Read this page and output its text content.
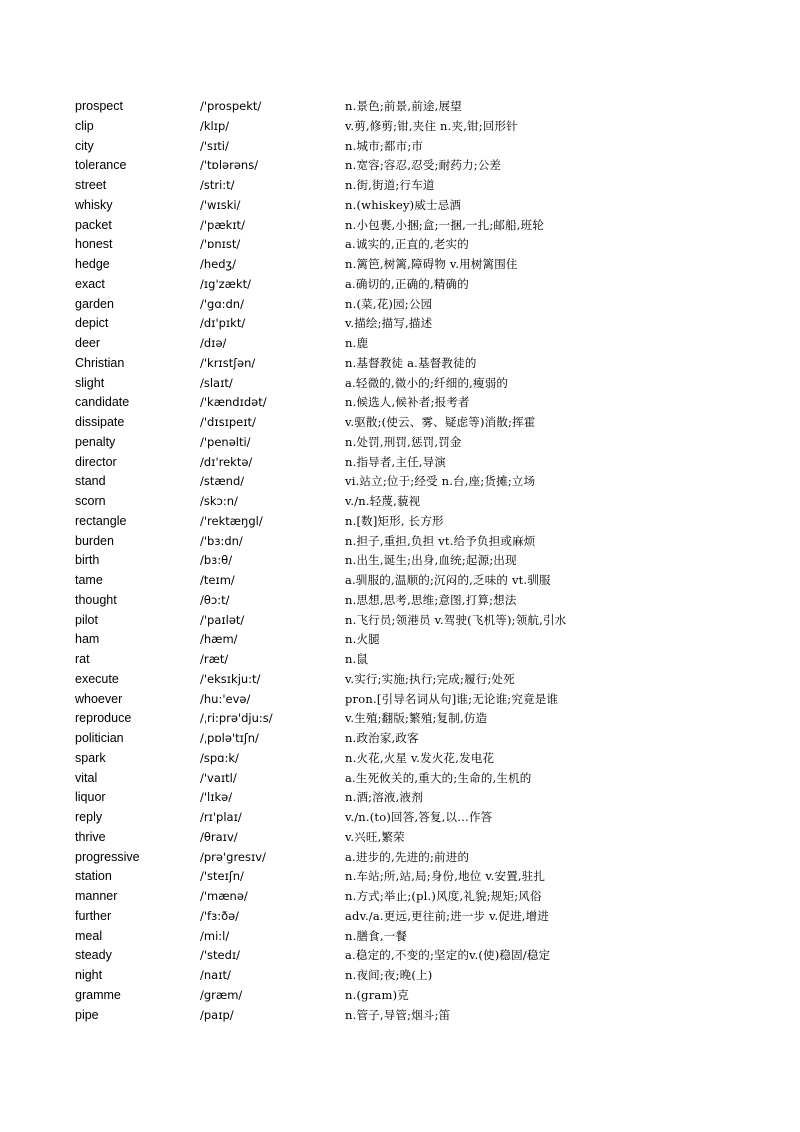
prospect	/'prospekt/	n.景色;前景,前途,展望
clip	/klɪp/	v.剪,修剪;钳,夹住 n.夹,钳;回形针
city	/'sɪti/	n.城市;都市;市
tolerance	/'tɒlərəns/	n.宽容;容忍,忍受;耐药力;公差
street	/stri:t/	n.街,街道;行车道
whisky	/'wɪski/	n.(whiskey)威士忌酒
packet	/'pækɪt/	n.小包裹,小捆;盒;一捆,一扎;邮船,班轮
honest	/'ɒnɪst/	a.诚实的,正直的,老实的
hedge	/hedʒ/	n.篱笆,树篱,障碍物 v.用树篱围住
exact	/ɪg'zækt/	a.确切的,正确的,精确的
garden	/'gɑ:dn/	n.(菜,花)园;公园
depict	/dɪ'pɪkt/	v.描绘;描写,描述
deer	/dɪə/	n.鹿
Christian	/'krɪstʃən/	n.基督教徒 a.基督教徒的
slight	/slaɪt/	a.轻微的,微小的;纤细的,瘦弱的
candidate	/'kændɪdət/	n.候选人,候补者;报考者
dissipate	/'dɪsɪpeɪt/	v.驱散;(使云、雾、疑虑等)消散;挥霍
penalty	/'penəlti/	n.处罚,刑罚,惩罚,罚金
director	/dɪ'rektə/	n.指导者,主任,导演
stand	/stænd/	vi.站立;位于;经受 n.台,座;货摊;立场
scorn	/skɔ:n/	v./n.轻蔑,藐视
rectangle	/'rektæŋgl/	n.[数]矩形, 长方形
burden	/'bɜ:dn/	n.担子,重担,负担 vt.给予负担或麻烦
birth	/bɜ:θ/	n.出生,诞生;出身,血统;起源;出现
tame	/teɪm/	a.驯服的,温顺的;沉闷的,乏味的 vt.驯服
thought	/θɔ:t/	n.思想,思考,思维;意图,打算;想法
pilot	/'paɪlət/	n.飞行员;领港员 v.驾驶(飞机等);领航,引水
ham	/hæm/	n.火腿
rat	/ræt/	n.鼠
execute	/'eksɪkju:t/	v.实行;实施;执行;完成;履行;处死
whoever	/hu:'evə/	pron.[引导名词从句]谁;无论谁;究竟是谁
reproduce	/ˌri:prə'dju:s/	v.生殖;翻版;繁殖;复制,仿造
politician	/ˌpɒlə'tɪʃn/	n.政治家,政客
spark	/spɑ:k/	n.火花,火星 v.发火花,发电花
vital	/'vaɪtl/	a.生死攸关的,重大的;生命的,生机的
liquor	/'lɪkə/	n.酒;溶液,液剂
reply	/rɪ'plaɪ/	v./n.(to)回答,答复,以…作答
thrive	/θraɪv/	v.兴旺,繁荣
progressive	/prə'gresɪv/	a.进步的,先进的;前进的
station	/'steɪʃn/	n.车站;所,站,局;身份,地位 v.安置,驻扎
manner	/'mænə/	n.方式;举止;(pl.)风度,礼貌;规矩;风俗
further	/'fɜ:ðə/	adv./a.更远,更往前;进一步 v.促进,增进
meal	/mi:l/	n.膳食,一餐
steady	/'stedɪ/	a.稳定的,不变的;坚定的v.(使)稳固/稳定
night	/naɪt/	n.夜间;夜;晚(上)
gramme	/græm/	n.(gram)克
pipe	/paɪp/	n.管子,导管;烟斗;笛
